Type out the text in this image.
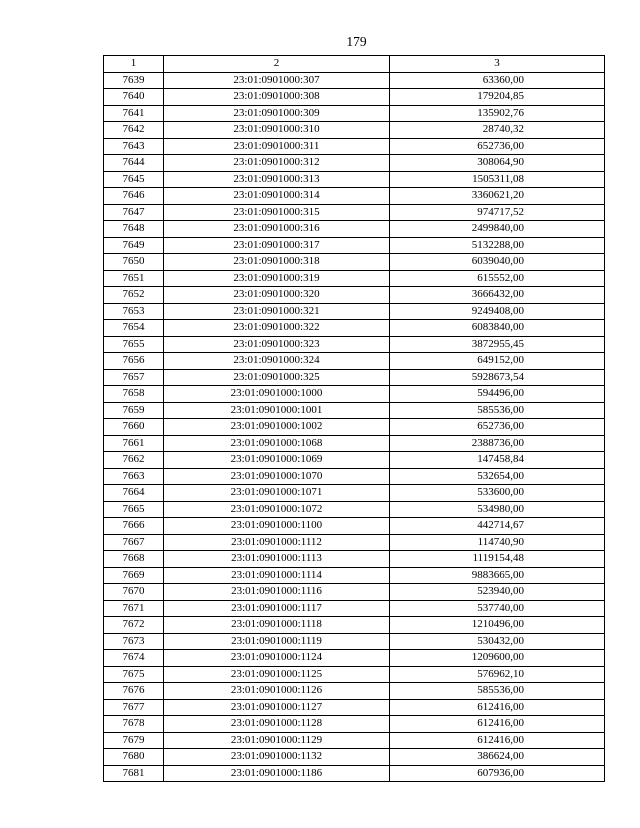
179
1	2	3
7639	23:01:0901000:307	63360,00
7640	23:01:0901000:308	179204,85
7641	23:01:0901000:309	135902,76
7642	23:01:0901000:310	28740,32
7643	23:01:0901000:311	652736,00
7644	23:01:0901000:312	308064,90
7645	23:01:0901000:313	1505311,08
7646	23:01:0901000:314	3360621,20
7647	23:01:0901000:315	974717,52
7648	23:01:0901000:316	2499840,00
7649	23:01:0901000:317	5132288,00
7650	23:01:0901000:318	6039040,00
7651	23:01:0901000:319	615552,00
7652	23:01:0901000:320	3666432,00
7653	23:01:0901000:321	9249408,00
7654	23:01:0901000:322	6083840,00
7655	23:01:0901000:323	3872955,45
7656	23:01:0901000:324	649152,00
7657	23:01:0901000:325	5928673,54
7658	23:01:0901000:1000	594496,00
7659	23:01:0901000:1001	585536,00
7660	23:01:0901000:1002	652736,00
7661	23:01:0901000:1068	2388736,00
7662	23:01:0901000:1069	147458,84
7663	23:01:0901000:1070	532654,00
7664	23:01:0901000:1071	533600,00
7665	23:01:0901000:1072	534980,00
7666	23:01:0901000:1100	442714,67
7667	23:01:0901000:1112	114740,90
7668	23:01:0901000:1113	1119154,48
7669	23:01:0901000:1114	9883665,00
7670	23:01:0901000:1116	523940,00
7671	23:01:0901000:1117	537740,00
7672	23:01:0901000:1118	1210496,00
7673	23:01:0901000:1119	530432,00
7674	23:01:0901000:1124	1209600,00
7675	23:01:0901000:1125	576962,10
7676	23:01:0901000:1126	585536,00
7677	23:01:0901000:1127	612416,00
7678	23:01:0901000:1128	612416,00
7679	23:01:0901000:1129	612416,00
7680	23:01:0901000:1132	386624,00
7681	23:01:0901000:1186	607936,00
